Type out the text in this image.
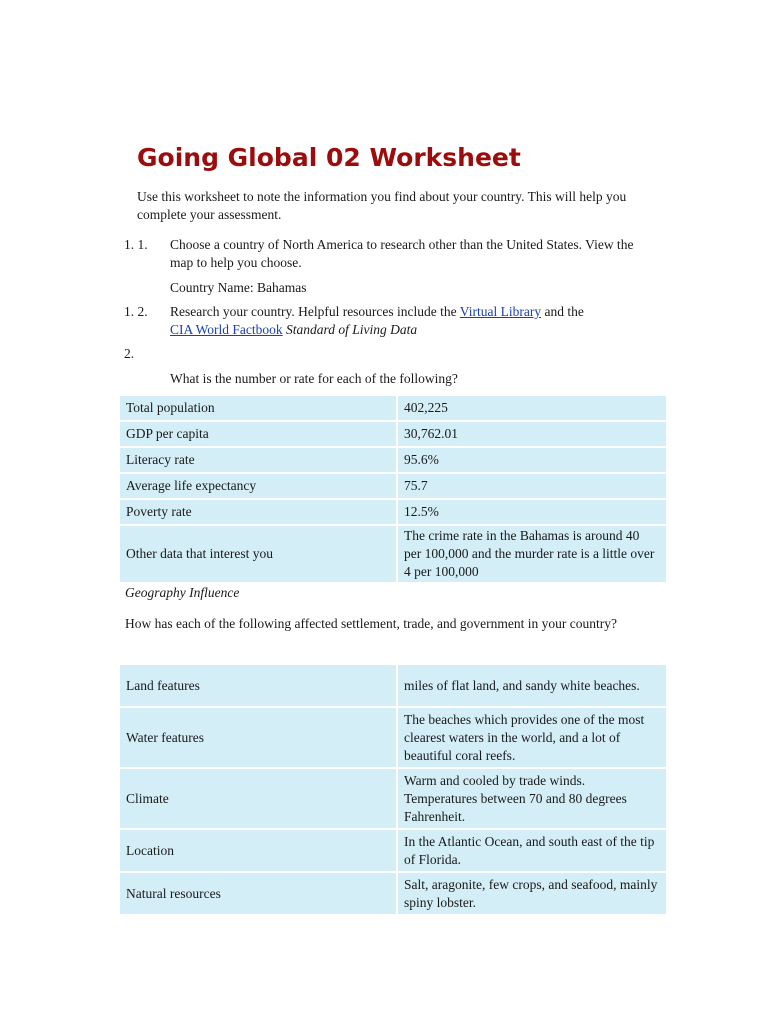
Going Global 02 Worksheet

Use this worksheet to note the information you find about your country. This will help you complete your assessment.

1. 1. Choose a country of North America to research other than the United States. View the map to help you choose.

Country Name: Bahamas

1. 2. Research your country. Helpful resources include the Virtual Library and the
CIA World Factbook Standard of Living Data

2.

What is the number or rate for each of the following?

Total population	402,225
GDP per capita	30,762.01
Literacy rate	95.6%
Average life expectancy	75.7
Poverty rate	12.5%
Other data that interest you	The crime rate in the Bahamas is around 40 per 100,000 and the murder rate is a little over 4 per 100,000

Geography Influence

How has each of the following affected settlement, trade, and government in your country?

Land features	miles of flat land, and sandy white beaches.
Water features	The beaches which provides one of the most clearest waters in the world, and a lot of beautiful coral reefs.
Climate	Warm and cooled by trade winds. Temperatures between 70 and 80 degrees Fahrenheit.
Location	In the Atlantic Ocean, and south east of the tip of Florida.
Natural resources	Salt, aragonite, few crops, and seafood, mainly spiny lobster.
